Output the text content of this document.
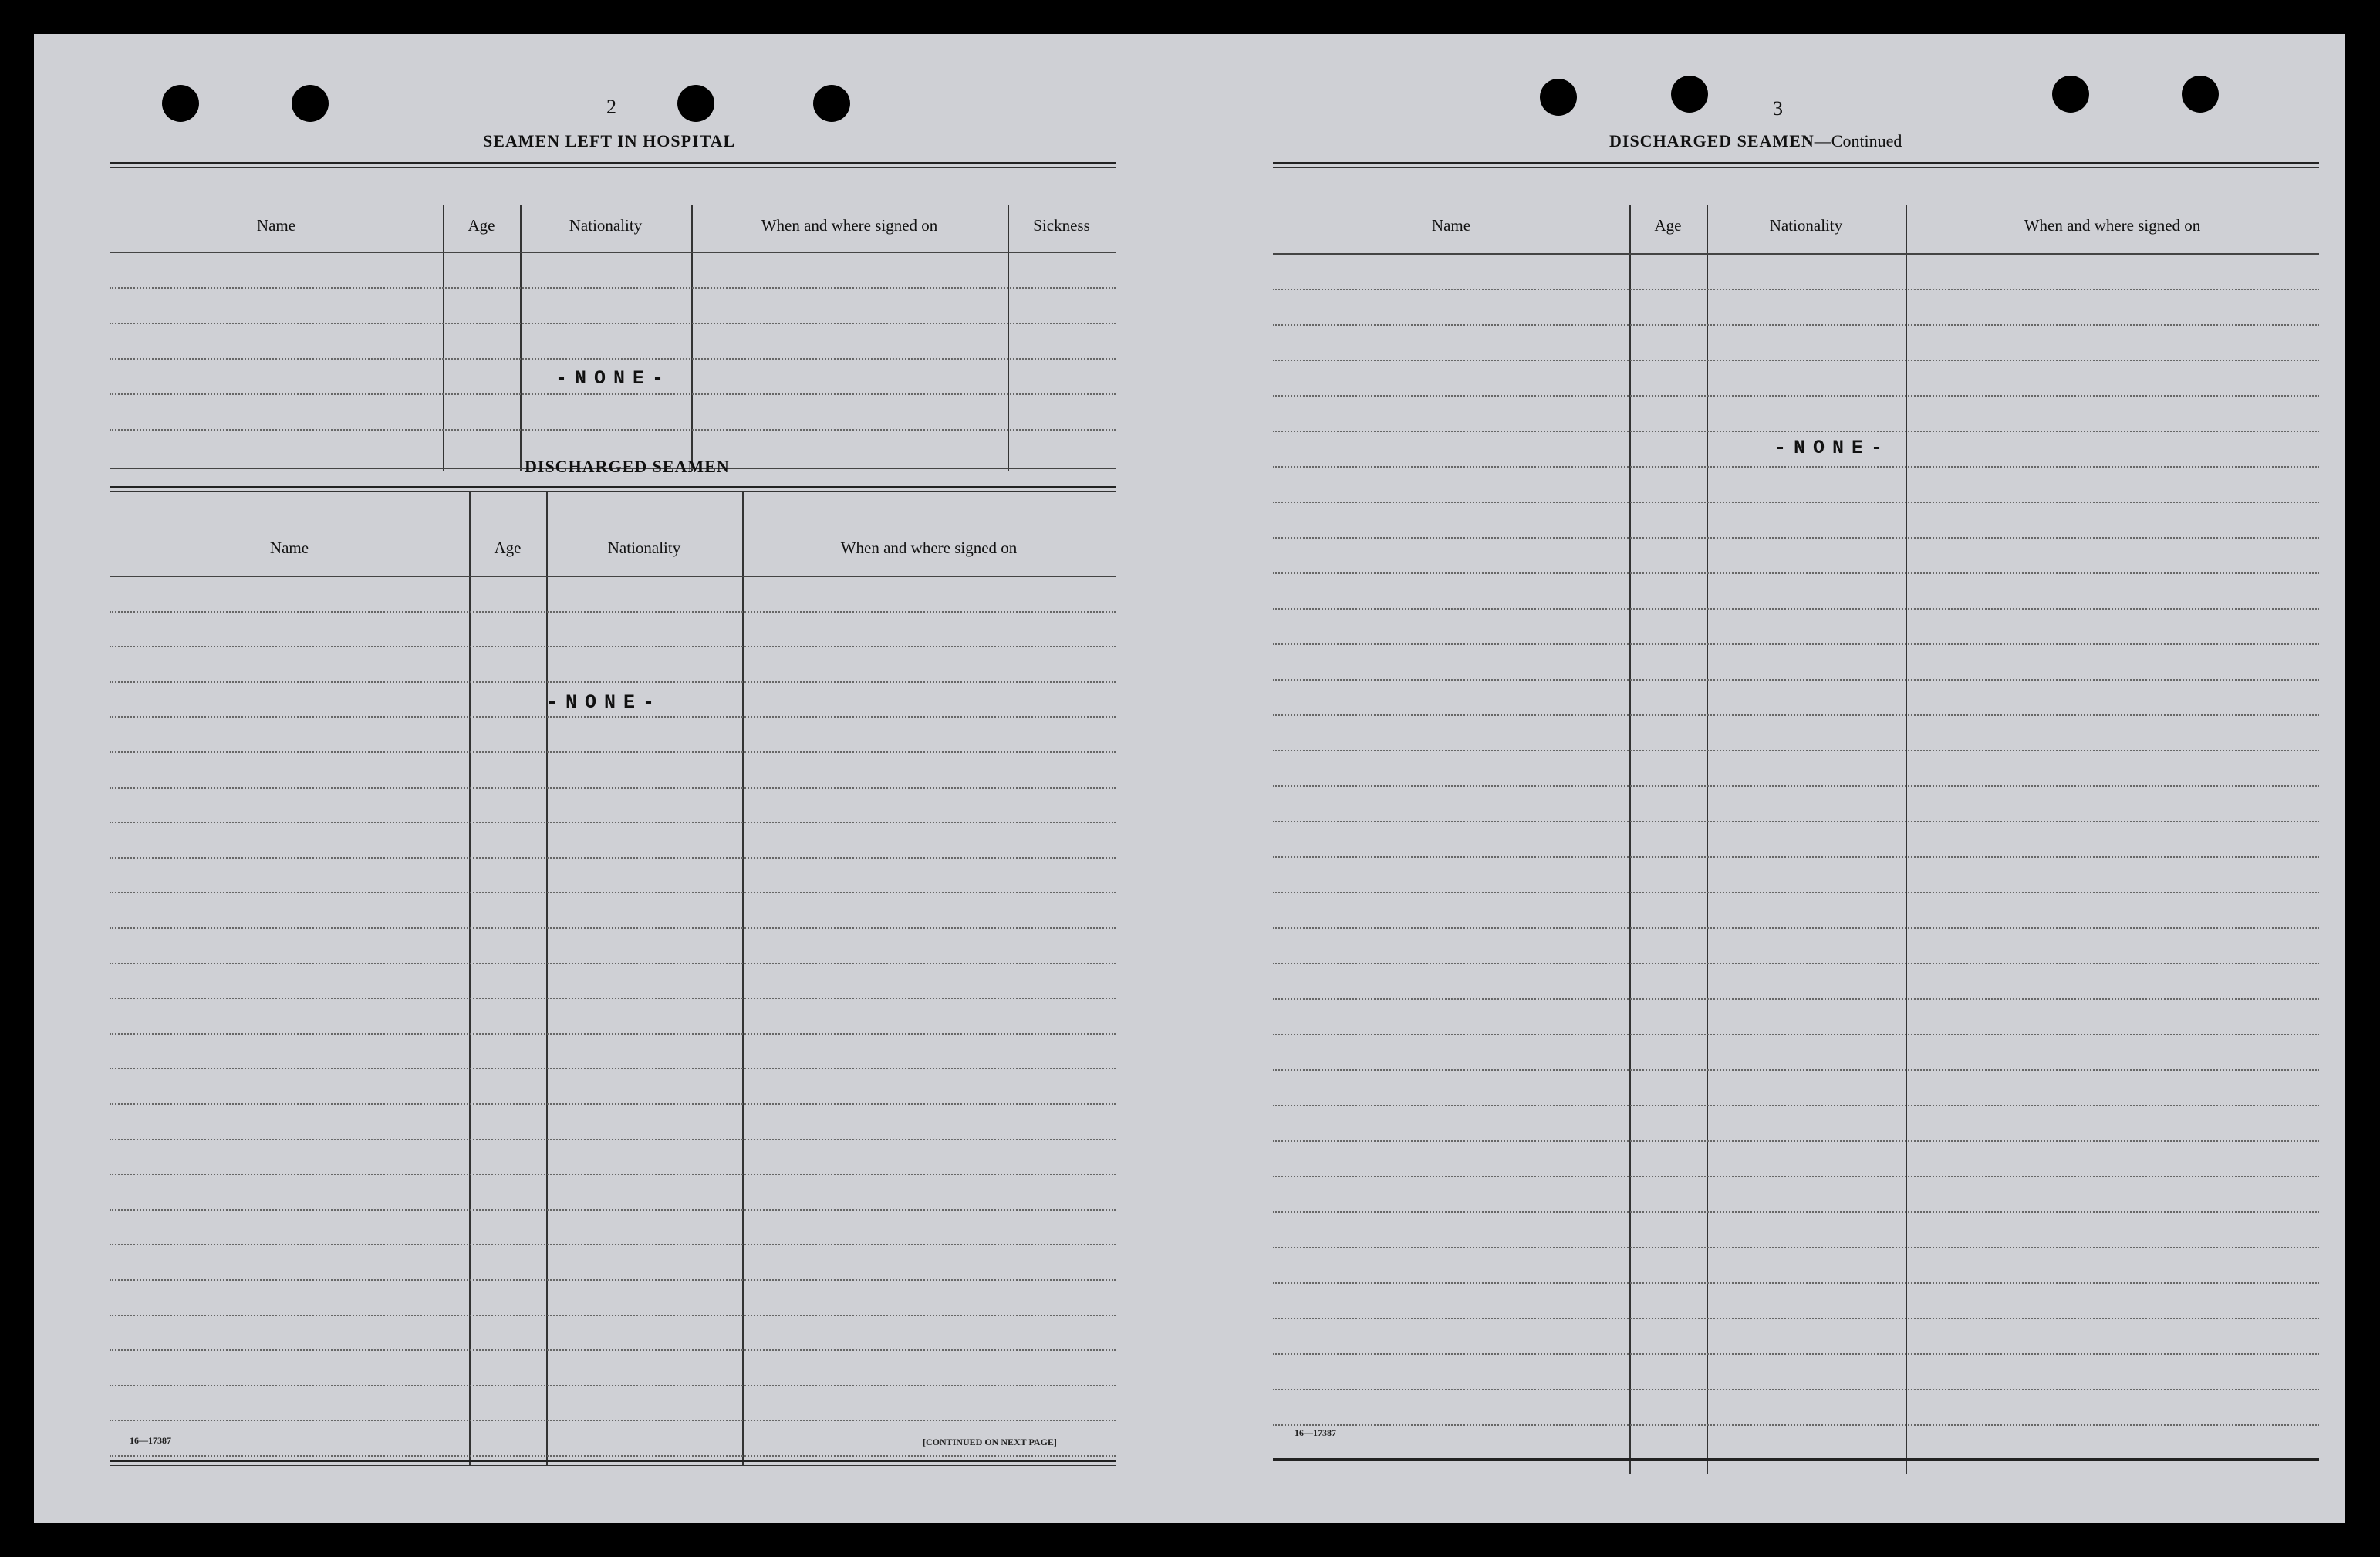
2
SEAMEN LEFT IN HOSPITAL
Name	Age	Nationality	When and where signed on	Sickness
-NONE-
DISCHARGED SEAMEN
Name	Age	Nationality	When and where signed on
-NONE-
16—17387	[CONTINUED ON NEXT PAGE]
3
DISCHARGED SEAMEN—Continued
Name	Age	Nationality	When and where signed on
-NONE-
16—17387
